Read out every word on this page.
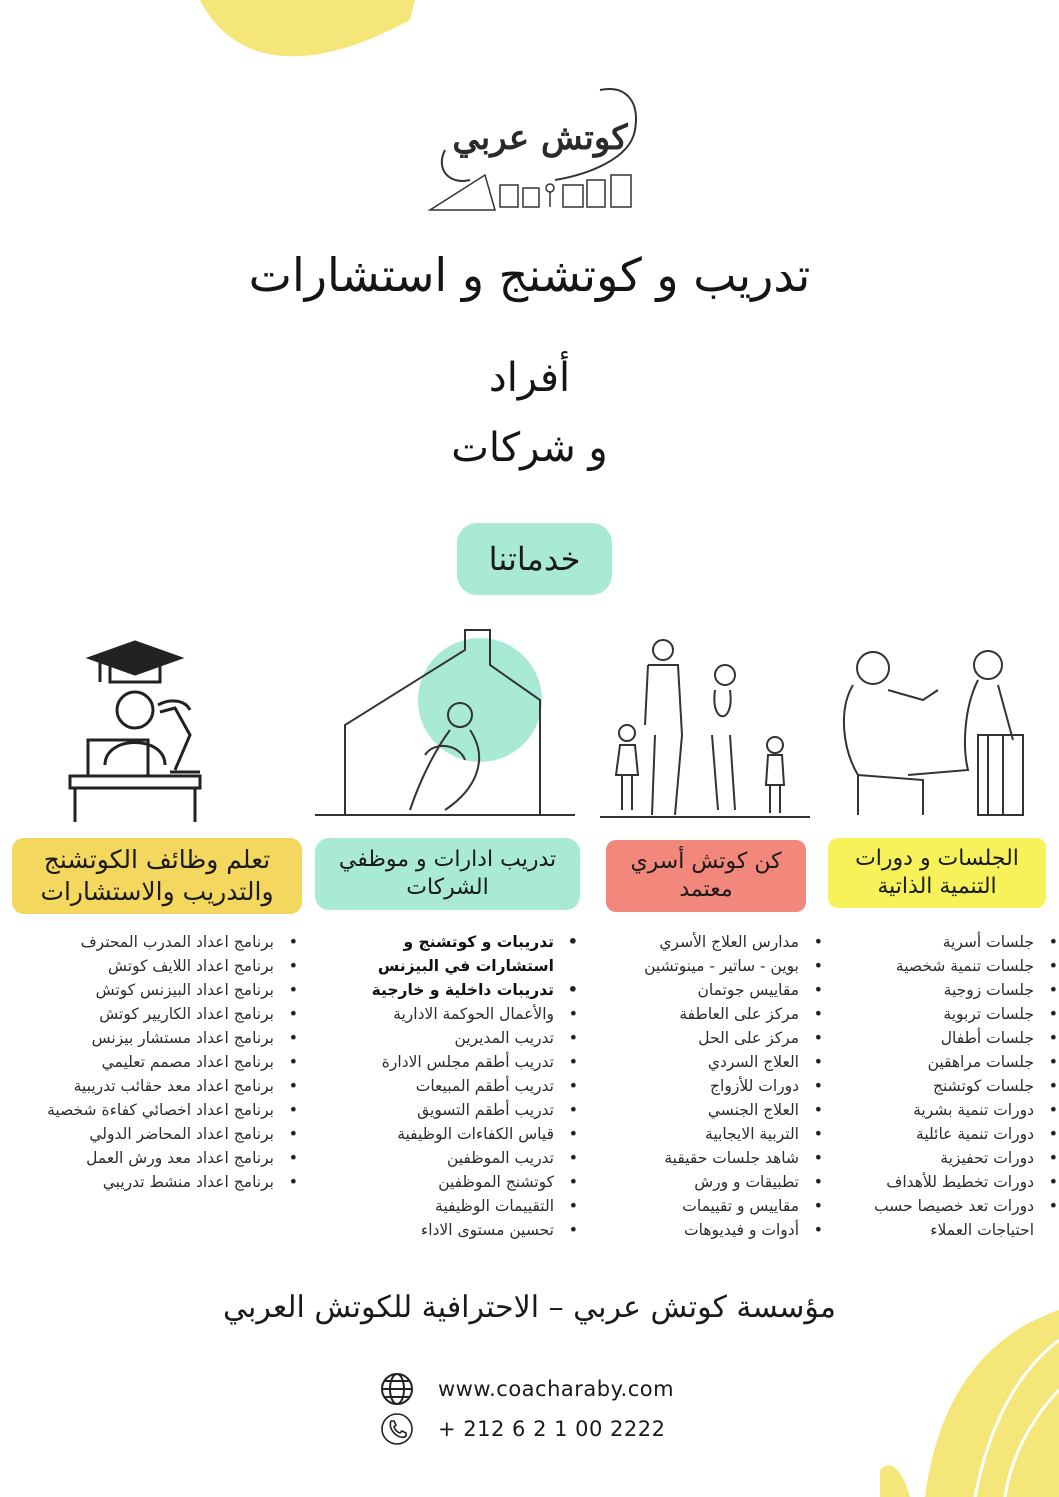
كوتش عربي
تدريب و كوتشنج و استشارات
أفراد
و شركات
خدماتنا
الجلسات و دورات التنمية الذاتية
كن كوتش أسري معتمد
تدريب ادارات و موظفي الشركات
تعلم وظائف الكوتشنج والتدريب والاستشارات
• جلسات أسرية
• جلسات تنمية شخصية
• جلسات زوجية
• جلسات تربوية
• جلسات أطفال
• جلسات مراهقين
• جلسات كوتشنج
• دورات تنمية بشرية
• دورات تنمية عائلية
• دورات تحفيزية
• دورات تخطيط للأهداف
• دورات تعد خصيصا حسب احتياجات العملاء
• مدارس العلاج الأسري
• بوين - ساتير - مينوتشين
• مقاييس جوتمان
• مركز على العاطفة
• مركز على الحل
• العلاج السردي
• دورات للأزواج
• العلاج الجنسي
• التربية الايجابية
• شاهد جلسات حقيقية
• تطبيقات و ورش
• مقاييس و تقييمات
• أدوات و فيديوهات
• تدريبات و كوتشنج و استشارات في البيزنس
• تدريبات داخلية و خارجية
• والأعمال الحوكمة الادارية
• تدريب المديرين
• تدريب أطقم مجلس الادارة
• تدريب أطقم المبيعات
• تدريب أطقم التسويق
• قياس الكفاءات الوظيفية
• تدريب الموظفين
• كوتشنج الموظفين
• التقييمات الوظيفية
• تحسين مستوى الاداء
• برنامج اعداد المدرب المحترف
• برنامج اعداد اللايف كوتش
• برنامج اعداد البيزنس كوتش
• برنامج اعداد الكاريير كوتش
• برنامج اعداد مستشار بيزنس
• برنامج اعداد مصمم تعليمي
• برنامج اعداد معد حقائب تدريبية
• برنامج اعداد اخصائي كفاءة شخصية
• برنامج اعداد المحاضر الدولي
• برنامج اعداد معد ورش العمل
• برنامج اعداد منشط تدريبي
مؤسسة كوتش عربي – الاحترافية للكوتش العربي
www.coacharaby.com
+ 212 6 2 1 00 2222
